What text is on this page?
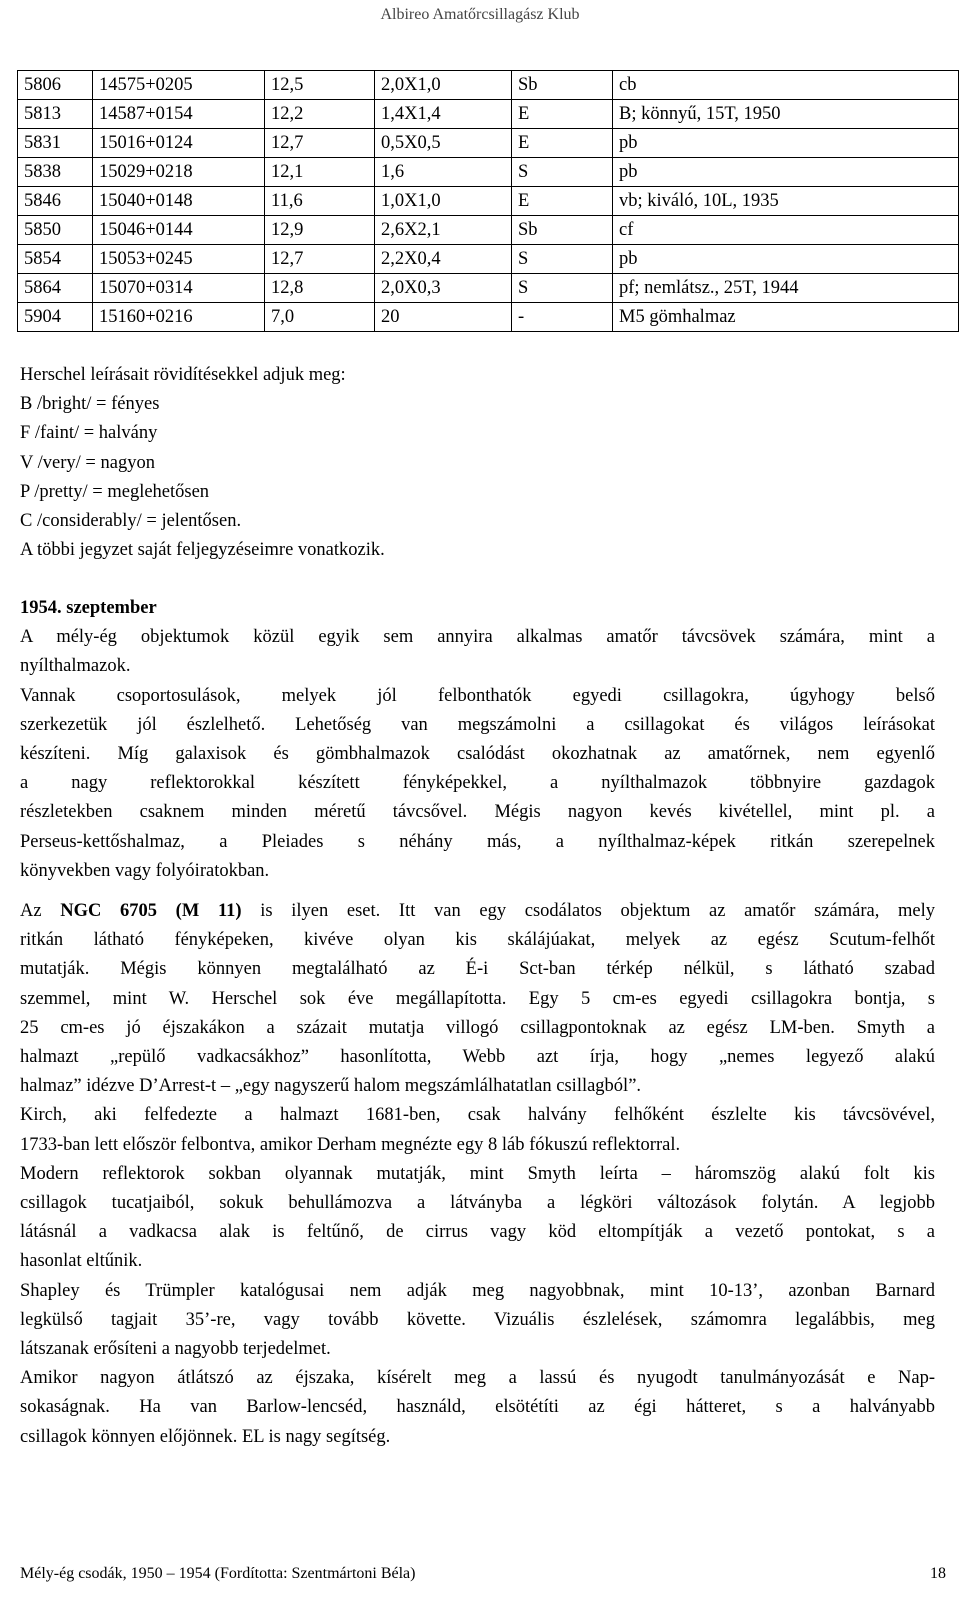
Albireo Amatőrcsillagász Klub
5806	14575+0205	12,5	2,0X1,0	Sb	cb
5813	14587+0154	12,2	1,4X1,4	E	B; könnyű, 15T, 1950
5831	15016+0124	12,7	0,5X0,5	E	pb
5838	15029+0218	12,1	1,6	S	pb
5846	15040+0148	11,6	1,0X1,0	E	vb; kiváló, 10L, 1935
5850	15046+0144	12,9	2,6X2,1	Sb	cf
5854	15053+0245	12,7	2,2X0,4	S	pb
5864	15070+0314	12,8	2,0X0,3	S	pf; nemlátsz., 25T, 1944
5904	15160+0216	7,0	20	-	M5 gömhalmaz
Herschel leírásait rövidítésekkel adjuk meg:
B /bright/ = fényes
F /faint/ = halvány
V /very/ = nagyon
P /pretty/ = meglehetősen
C /considerably/ = jelentősen.
A többi jegyzet saját feljegyzéseimre vonatkozik.
1954. szeptember
A mély-ég objektumok közül egyik sem annyira alkalmas amatőr távcsövek számára, mint a
nyílthalmazok.
Vannak csoportosulások, melyek jól felbonthatók egyedi csillagokra, úgyhogy belső
szerkezetük jól észlelhető. Lehetőség van megszámolni a csillagokat és világos leírásokat
készíteni. Míg galaxisok és gömbhalmazok csalódást okozhatnak az amatőrnek, nem egyenlő
a nagy reflektorokkal készített fényképekkel, a nyílthalmazok többnyire gazdagok
részletekben csaknem minden méretű távcsővel. Mégis nagyon kevés kivétellel, mint pl. a
Perseus-kettőshalmaz, a Pleiades s néhány más, a nyílthalmaz-képek ritkán szerepelnek
könyvekben vagy folyóiratokban.
Az NGC 6705 (M 11) is ilyen eset. Itt van egy csodálatos objektum az amatőr számára, mely
ritkán látható fényképeken, kivéve olyan kis skálájúakat, melyek az egész Scutum-felhőt
mutatják. Mégis könnyen megtalálható az É-i Sct-ban térkép nélkül, s látható szabad
szemmel, mint W. Herschel sok éve megállapította. Egy 5 cm-es egyedi csillagokra bontja, s
25 cm-es jó éjszakákon a százait mutatja villogó csillagpontoknak az egész LM-ben. Smyth a
halmazt „repülő vadkacsákhoz” hasonlította, Webb azt írja, hogy „nemes legyező alakú
halmaz” idézve D’Arrest-t – „egy nagyszerű halom megszámlálhatatlan csillagból”.
Kirch, aki felfedezte a halmazt 1681-ben, csak halvány felhőként észlelte kis távcsövével,
1733-ban lett először felbontva, amikor Derham megnézte egy 8 láb fókuszú reflektorral.
Modern reflektorok sokban olyannak mutatják, mint Smyth leírta – háromszög alakú folt kis
csillagok tucatjaiból, sokuk behullámozva a látványba a légköri változások folytán. A legjobb
látásnál a vadkacsa alak is feltűnő, de cirrus vagy köd eltompítják a vezető pontokat, s a
hasonlat eltűnik.
Shapley és Trümpler katalógusai nem adják meg nagyobbnak, mint 10-13’, azonban Barnard
legkülső tagjait 35’-re, vagy tovább követte. Vizuális észlelések, számomra legalábbis, meg
látszanak erősíteni a nagyobb terjedelmet.
Amikor nagyon átlátszó az éjszaka, kísérelt meg a lassú és nyugodt tanulmányozását e Nap-
sokaságnak. Ha van Barlow-lencséd, használd, elsötétíti az égi hátteret, s a halványabb
csillagok könnyen előjönnek. EL is nagy segítség.
Mély-ég csodák, 1950 – 1954 (Fordította: Szentmártoni Béla)	18
